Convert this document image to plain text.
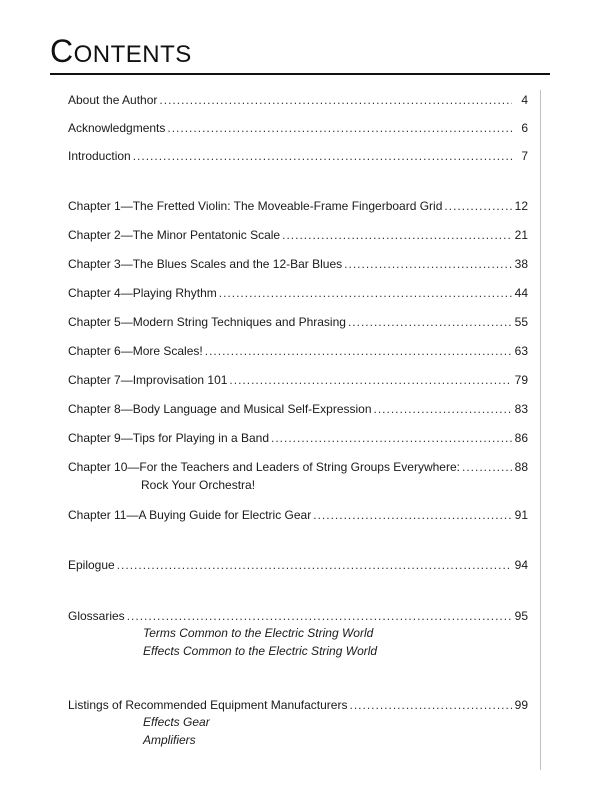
CONTENTS
About the Author .....	4
Acknowledgments .....	6
Introduction .....	7
Chapter 1—The Fretted Violin: The Moveable-Frame Fingerboard Grid .....	12
Chapter 2—The Minor Pentatonic Scale .....	21
Chapter 3—The Blues Scales and the 12-Bar Blues .....	38
Chapter 4—Playing Rhythm .....	44
Chapter 5—Modern String Techniques and Phrasing .....	55
Chapter 6—More Scales! .....	63
Chapter 7—Improvisation 101 .....	79
Chapter 8—Body Language and Musical Self-Expression .....	83
Chapter 9—Tips for Playing in a Band .....	86
Chapter 10—For the Teachers and Leaders of String Groups Everywhere: .....	88
Rock Your Orchestra!
Chapter 11—A Buying Guide for Electric Gear .....	91
Epilogue .....	94
Glossaries .....	95
Terms Common to the Electric String World
Effects Common to the Electric String World
Listings of Recommended Equipment Manufacturers .....	99
Effects Gear
Amplifiers
